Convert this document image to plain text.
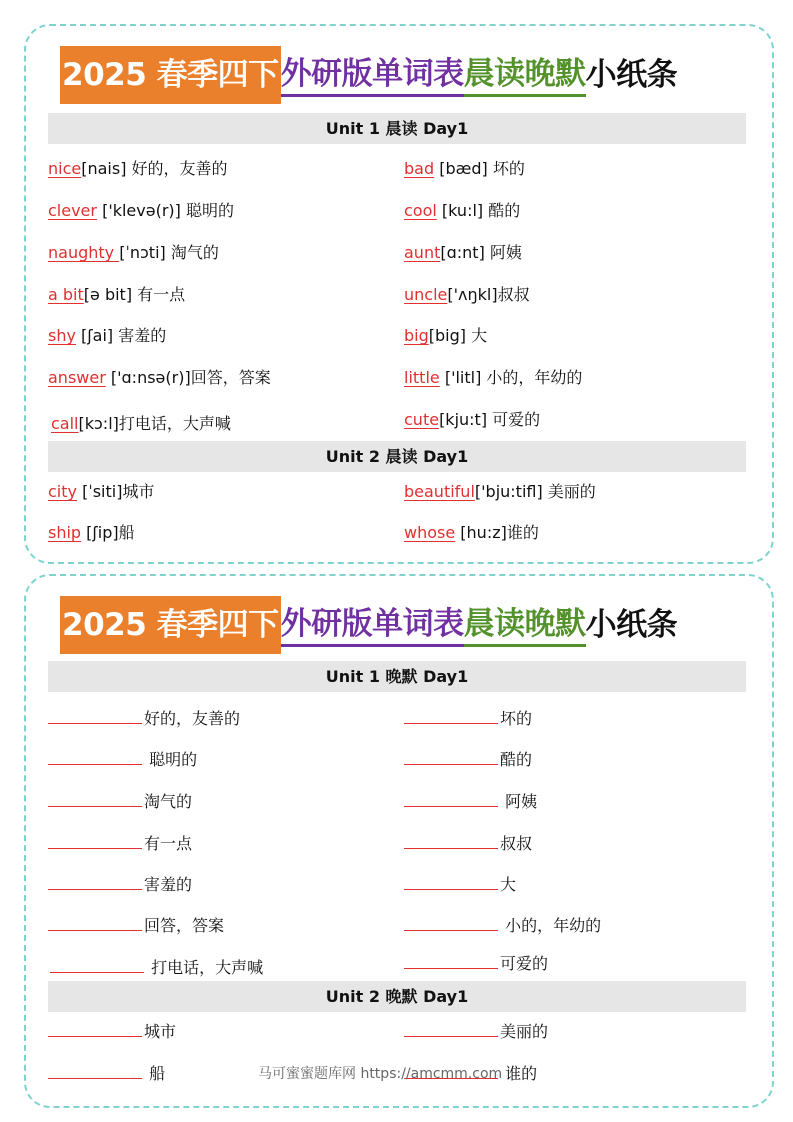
2025 春季四下 外研版单词表 晨读晚默 小纸条
Unit 1 晨读 Day1
nice[nais] 好的，友善的
clever ['klevə(r)] 聪明的
naughty [ˈnɔti] 淘气的
a bit[ə bit] 有一点
shy [ʃai] 害羞的
answer ['ɑ:nsə(r)]回答，答案
call[kɔ:l]打电话，大声喊
bad [bæd] 坏的
cool [ku:l] 酷的
aunt[ɑ:nt] 阿姨
uncle['ʌŋkl]叔叔
big[big] 大
little ['litl] 小的，年幼的
cute[kju:t] 可爱的
Unit 2 晨读 Day1
city [ˈsiti]城市
ship [ʃip]船
beautiful['bju:tifl] 美丽的
whose [hu:z]谁的
2025 春季四下 外研版单词表 晨读晚默 小纸条
Unit 1 晚默 Day1
好的，友善的
聪明的
淘气的
有一点
害羞的
回答，答案
打电话，大声喊
坏的
酷的
阿姨
叔叔
大
小的，年幼的
可爱的
Unit 2 晚默 Day1
城市
船
美丽的
谁的
马可蜜蜜题库网 https://amcmm.com
